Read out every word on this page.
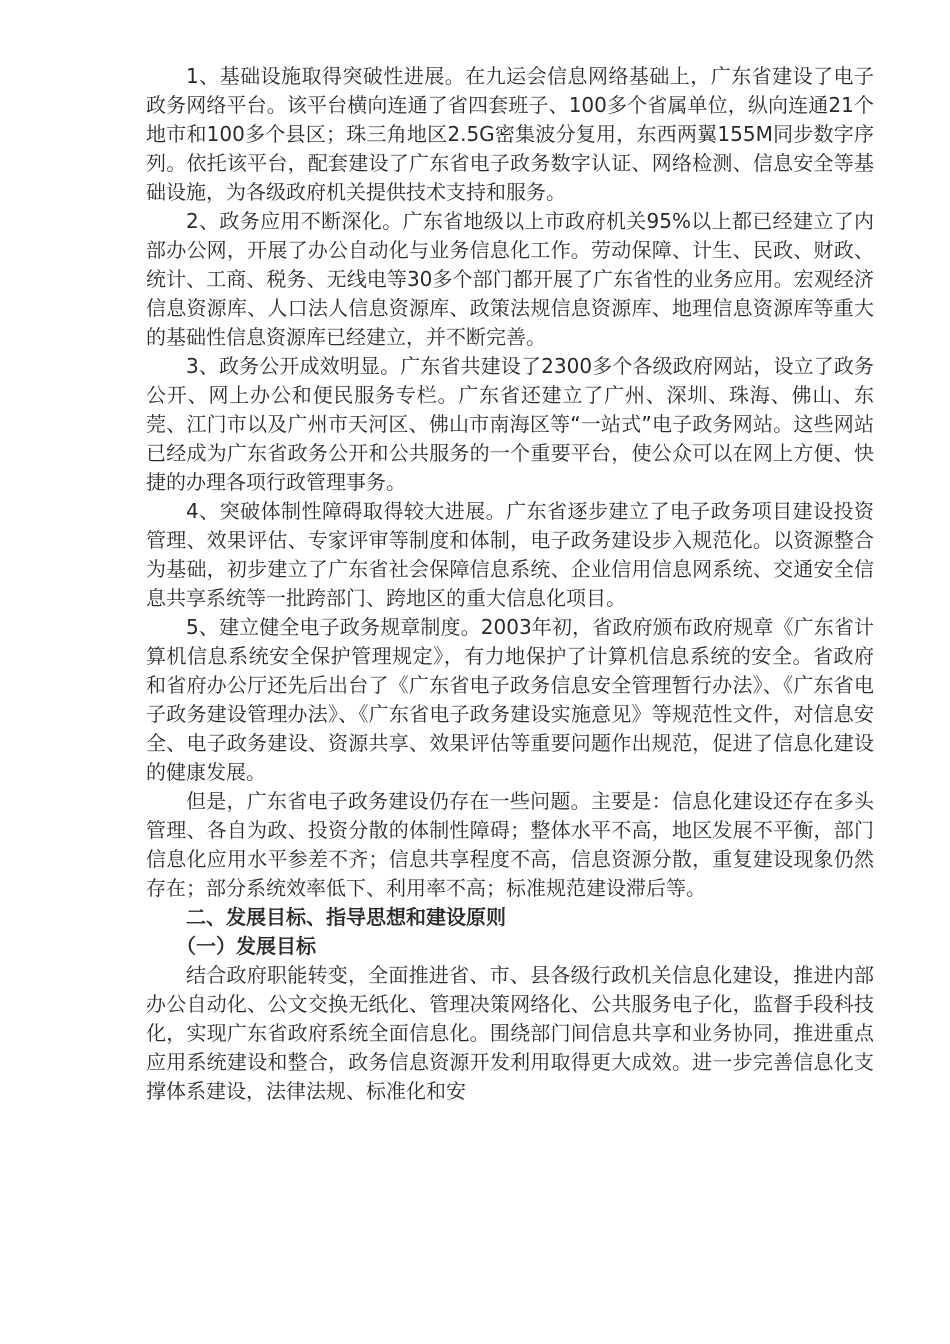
1、基础设施取得突破性进展。在九运会信息网络基础上，广东省建设了电子政务网络平台。该平台横向连通了省四套班子、100多个省属单位，纵向连通21个地市和100多个县区；珠三角地区2.5G密集波分复用，东西两翼155M同步数字序列。依托该平台，配套建设了广东省电子政务数字认证、网络检测、信息安全等基础设施，为各级政府机关提供技术支持和服务。

2、政务应用不断深化。广东省地级以上市政府机关95%以上都已经建立了内部办公网，开展了办公自动化与业务信息化工作。劳动保障、计生、民政、财政、统计、工商、税务、无线电等30多个部门都开展了广东省性的业务应用。宏观经济信息资源库、人口法人信息资源库、政策法规信息资源库、地理信息资源库等重大的基础性信息资源库已经建立，并不断完善。

3、政务公开成效明显。广东省共建设了2300多个各级政府网站，设立了政务公开、网上办公和便民服务专栏。广东省还建立了广州、深圳、珠海、佛山、东莞、江门市以及广州市天河区、佛山市南海区等“一站式”电子政务网站。这些网站已经成为广东省政务公开和公共服务的一个重要平台，使公众可以在网上方便、快捷的办理各项行政管理事务。

4、突破体制性障碍取得较大进展。广东省逐步建立了电子政务项目建设投资管理、效果评估、专家评审等制度和体制，电子政务建设步入规范化。以资源整合为基础，初步建立了广东省社会保障信息系统、企业信用信息网系统、交通安全信息共享系统等一批跨部门、跨地区的重大信息化项目。

5、建立健全电子政务规章制度。2003年初，省政府颁布政府规章《广东省计算机信息系统安全保护管理规定》，有力地保护了计算机信息系统的安全。省政府和省府办公厅还先后出台了《广东省电子政务信息安全管理暂行办法》、《广东省电子政务建设管理办法》、《广东省电子政务建设实施意见》等规范性文件，对信息安全、电子政务建设、资源共享、效果评估等重要问题作出规范，促进了信息化建设的健康发展。

但是，广东省电子政务建设仍存在一些问题。主要是：信息化建设还存在多头管理、各自为政、投资分散的体制性障碍；整体水平不高，地区发展不平衡，部门信息化应用水平参差不齐；信息共享程度不高，信息资源分散，重复建设现象仍然存在；部分系统效率低下、利用率不高；标准规范建设滞后等。

二、发展目标、指导思想和建设原则

（一）发展目标

结合政府职能转变，全面推进省、市、县各级行政机关信息化建设，推进内部办公自动化、公文交换无纸化、管理决策网络化、公共服务电子化，监督手段科技化，实现广东省政府系统全面信息化。围绕部门间信息共享和业务协同，推进重点应用系统建设和整合，政务信息资源开发利用取得更大成效。进一步完善信息化支撑体系建设，法律法规、标准化和安
